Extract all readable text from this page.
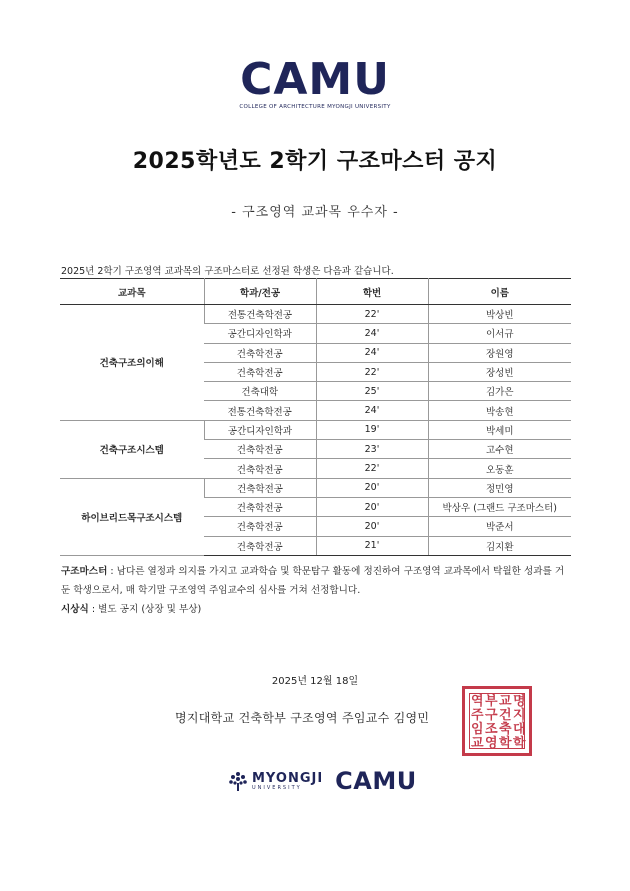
CAMU
COLLEGE OF ARCHITECTURE MYONGJI UNIVERSITY
2025학년도 2학기 구조마스터 공지
- 구조영역 교과목 우수자 -
2025년 2학기 구조영역 교과목의 구조마스터로 선정된 학생은 다음과 같습니다.
교과목	학과/전공	학번	이름
건축구조의이해	전통건축학전공	22'	박상빈
	공간디자인학과	24'	이서규
	건축학전공	24'	장원영
	건축학전공	22'	장성빈
	건축대학	25'	김가은
	전통건축학전공	24'	박송현
건축구조시스템	공간디자인학과	19'	박세미
	건축학전공	23'	고수현
	건축학전공	22'	오동훈
하이브리드목구조시스템	건축학전공	20'	정민영
	건축학전공	20'	박상우 (그랜드 구조마스터)
	건축학전공	20'	박준서
	건축학전공	21'	김지환
구조마스터 : 남다른 열정과 의지를 가지고 교과학습 및 학문탐구 활동에 정진하여 구조영역 교과목에서 탁월한 성과를 거둔 학생으로서, 매 학기말 구조영역 주임교수의 심사를 거쳐 선정합니다.
시상식 : 별도 공지 (상장 및 부상)
2025년 12월 18일
명지대학교 건축학부 구조영역 주임교수 김영민
명
지
대
학
교
건
축
학
부
구
조
영
역
주
임
교
MYONGJI
UNIVERSITY	CAMU
